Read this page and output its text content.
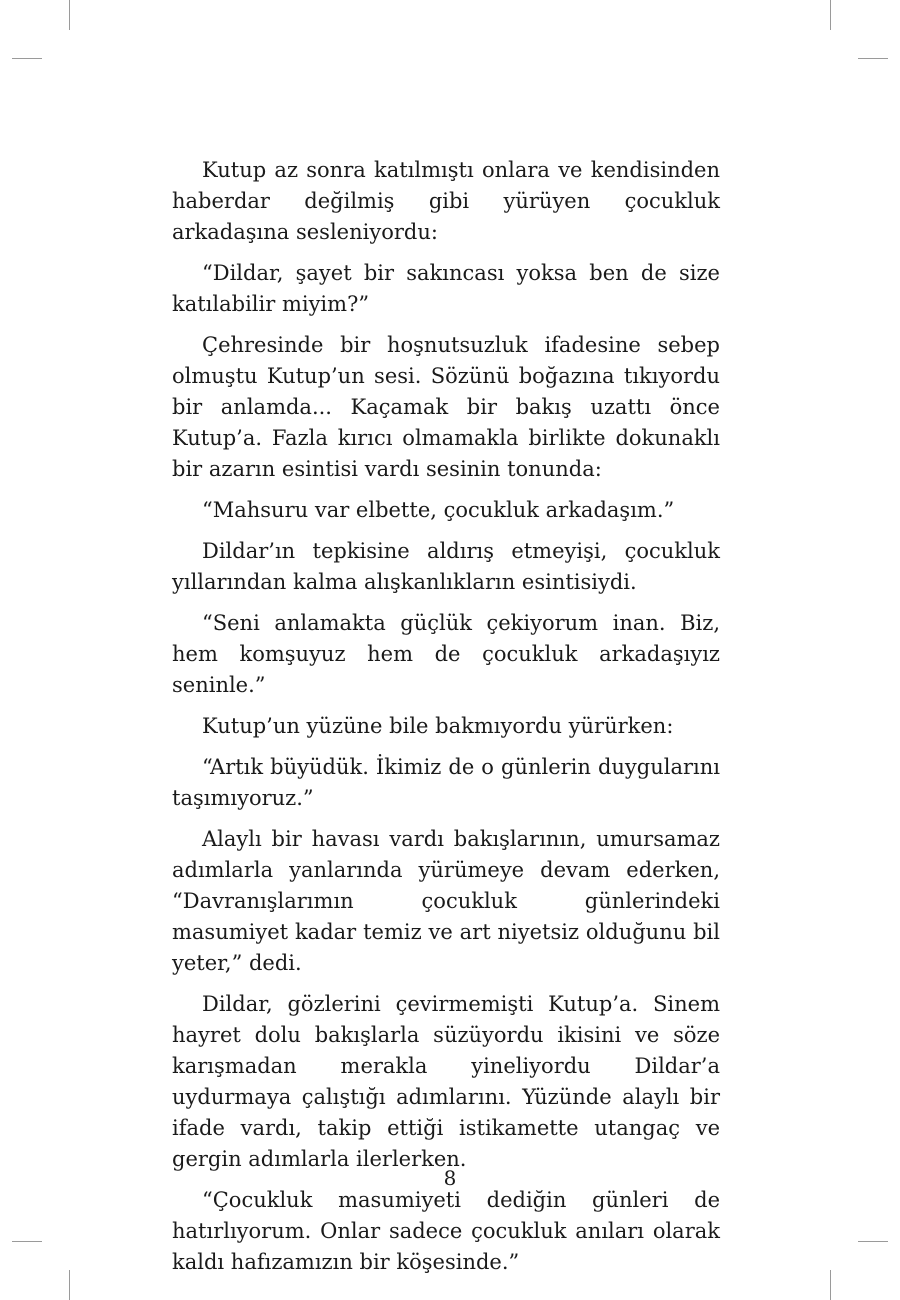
Kutup az sonra katılmıştı onlara ve kendisinden haberdar değilmiş gibi yürüyen çocukluk arkadaşına sesleniyordu:

“Dildar, şayet bir sakıncası yoksa ben de size katılabilir miyim?”

Çehresinde bir hoşnutsuzluk ifadesine sebep olmuştu Kutup’un sesi. Sözünü boğazına tıkıyordu bir anlamda... Kaçamak bir bakış uzattı önce Kutup’a. Fazla kırıcı olmamakla birlikte dokunaklı bir azarın esintisi vardı sesinin tonunda:

“Mahsuru var elbette, çocukluk arkadaşım.”

Dildar’ın tepkisine aldırış etmeyişi, çocukluk yıllarından kalma alışkanlıkların esintisiydi.

“Seni anlamakta güçlük çekiyorum inan. Biz, hem komşuyuz hem de çocukluk arkadaşıyız seninle.”

Kutup’un yüzüne bile bakmıyordu yürürken:

“Artık büyüdük. İkimiz de o günlerin duygularını taşımıyoruz.”

Alaylı bir havası vardı bakışlarının, umursamaz adımlarla yanlarında yürümeye devam ederken, “Davranışlarımın çocukluk günlerindeki masumiyet kadar temiz ve art niyetsiz olduğunu bil yeter,” dedi.

Dildar, gözlerini çevirmemişti Kutup’a. Sinem hayret dolu bakışlarla süzüyordu ikisini ve söze karışmadan merakla yineliyordu Dildar’a uydurmaya çalıştığı adımlarını. Yüzünde alaylı bir ifade vardı, takip ettiği istikamette utangaç ve gergin adımlarla ilerlerken.

“Çocukluk masumiyeti dediğin günleri de hatırlıyorum. Onlar sadece çocukluk anıları olarak kaldı hafızamızın bir köşesinde.”

8
